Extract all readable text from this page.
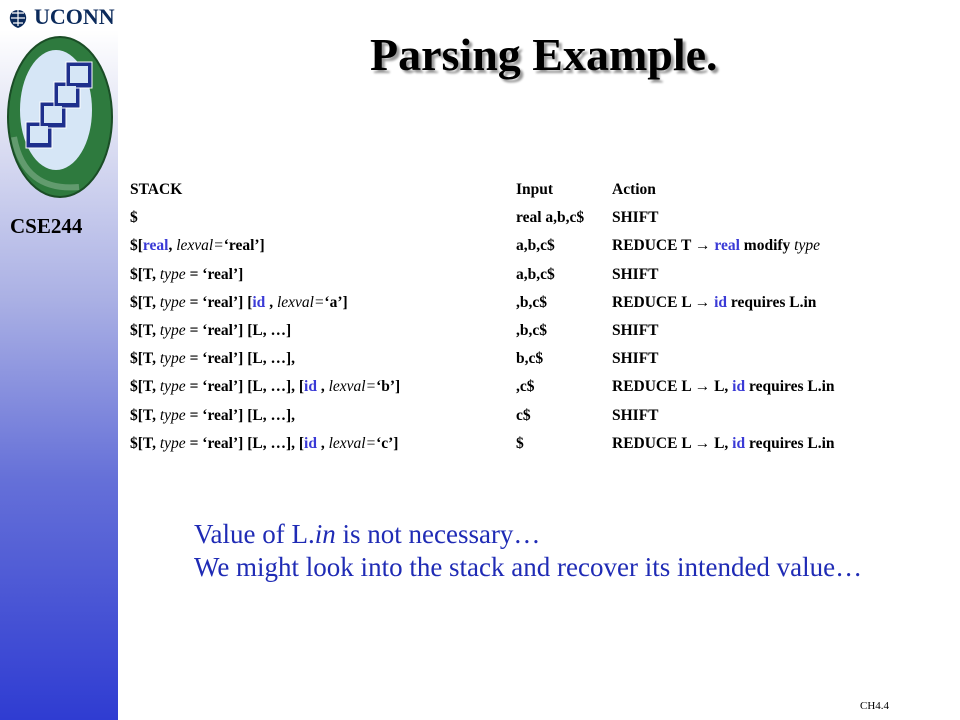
UCONN
CSE244
Parsing Example.
STACK	Input	Action
$	real a,b,c$	SHIFT
$[real, lexval=‘real’]	a,b,c$	REDUCE T → real modify type
$[T, type = ‘real’]	a,b,c$	SHIFT
$[T, type = ‘real’] [id , lexval=‘a’]	,b,c$	REDUCE L → id requires L.in
$[T, type = ‘real’] [L, …]	,b,c$	SHIFT
$[T, type = ‘real’] [L, …],	b,c$	SHIFT
$[T, type = ‘real’] [L, …], [id , lexval=‘b’]	,c$	REDUCE L → L, id requires L.in
$[T, type = ‘real’] [L, …],	c$	SHIFT
$[T, type = ‘real’] [L, …], [id , lexval=‘c’]	$	REDUCE L → L, id requires L.in
Value of L.in is not necessary…
We might look into the stack and recover its intended value…
CH4.4
